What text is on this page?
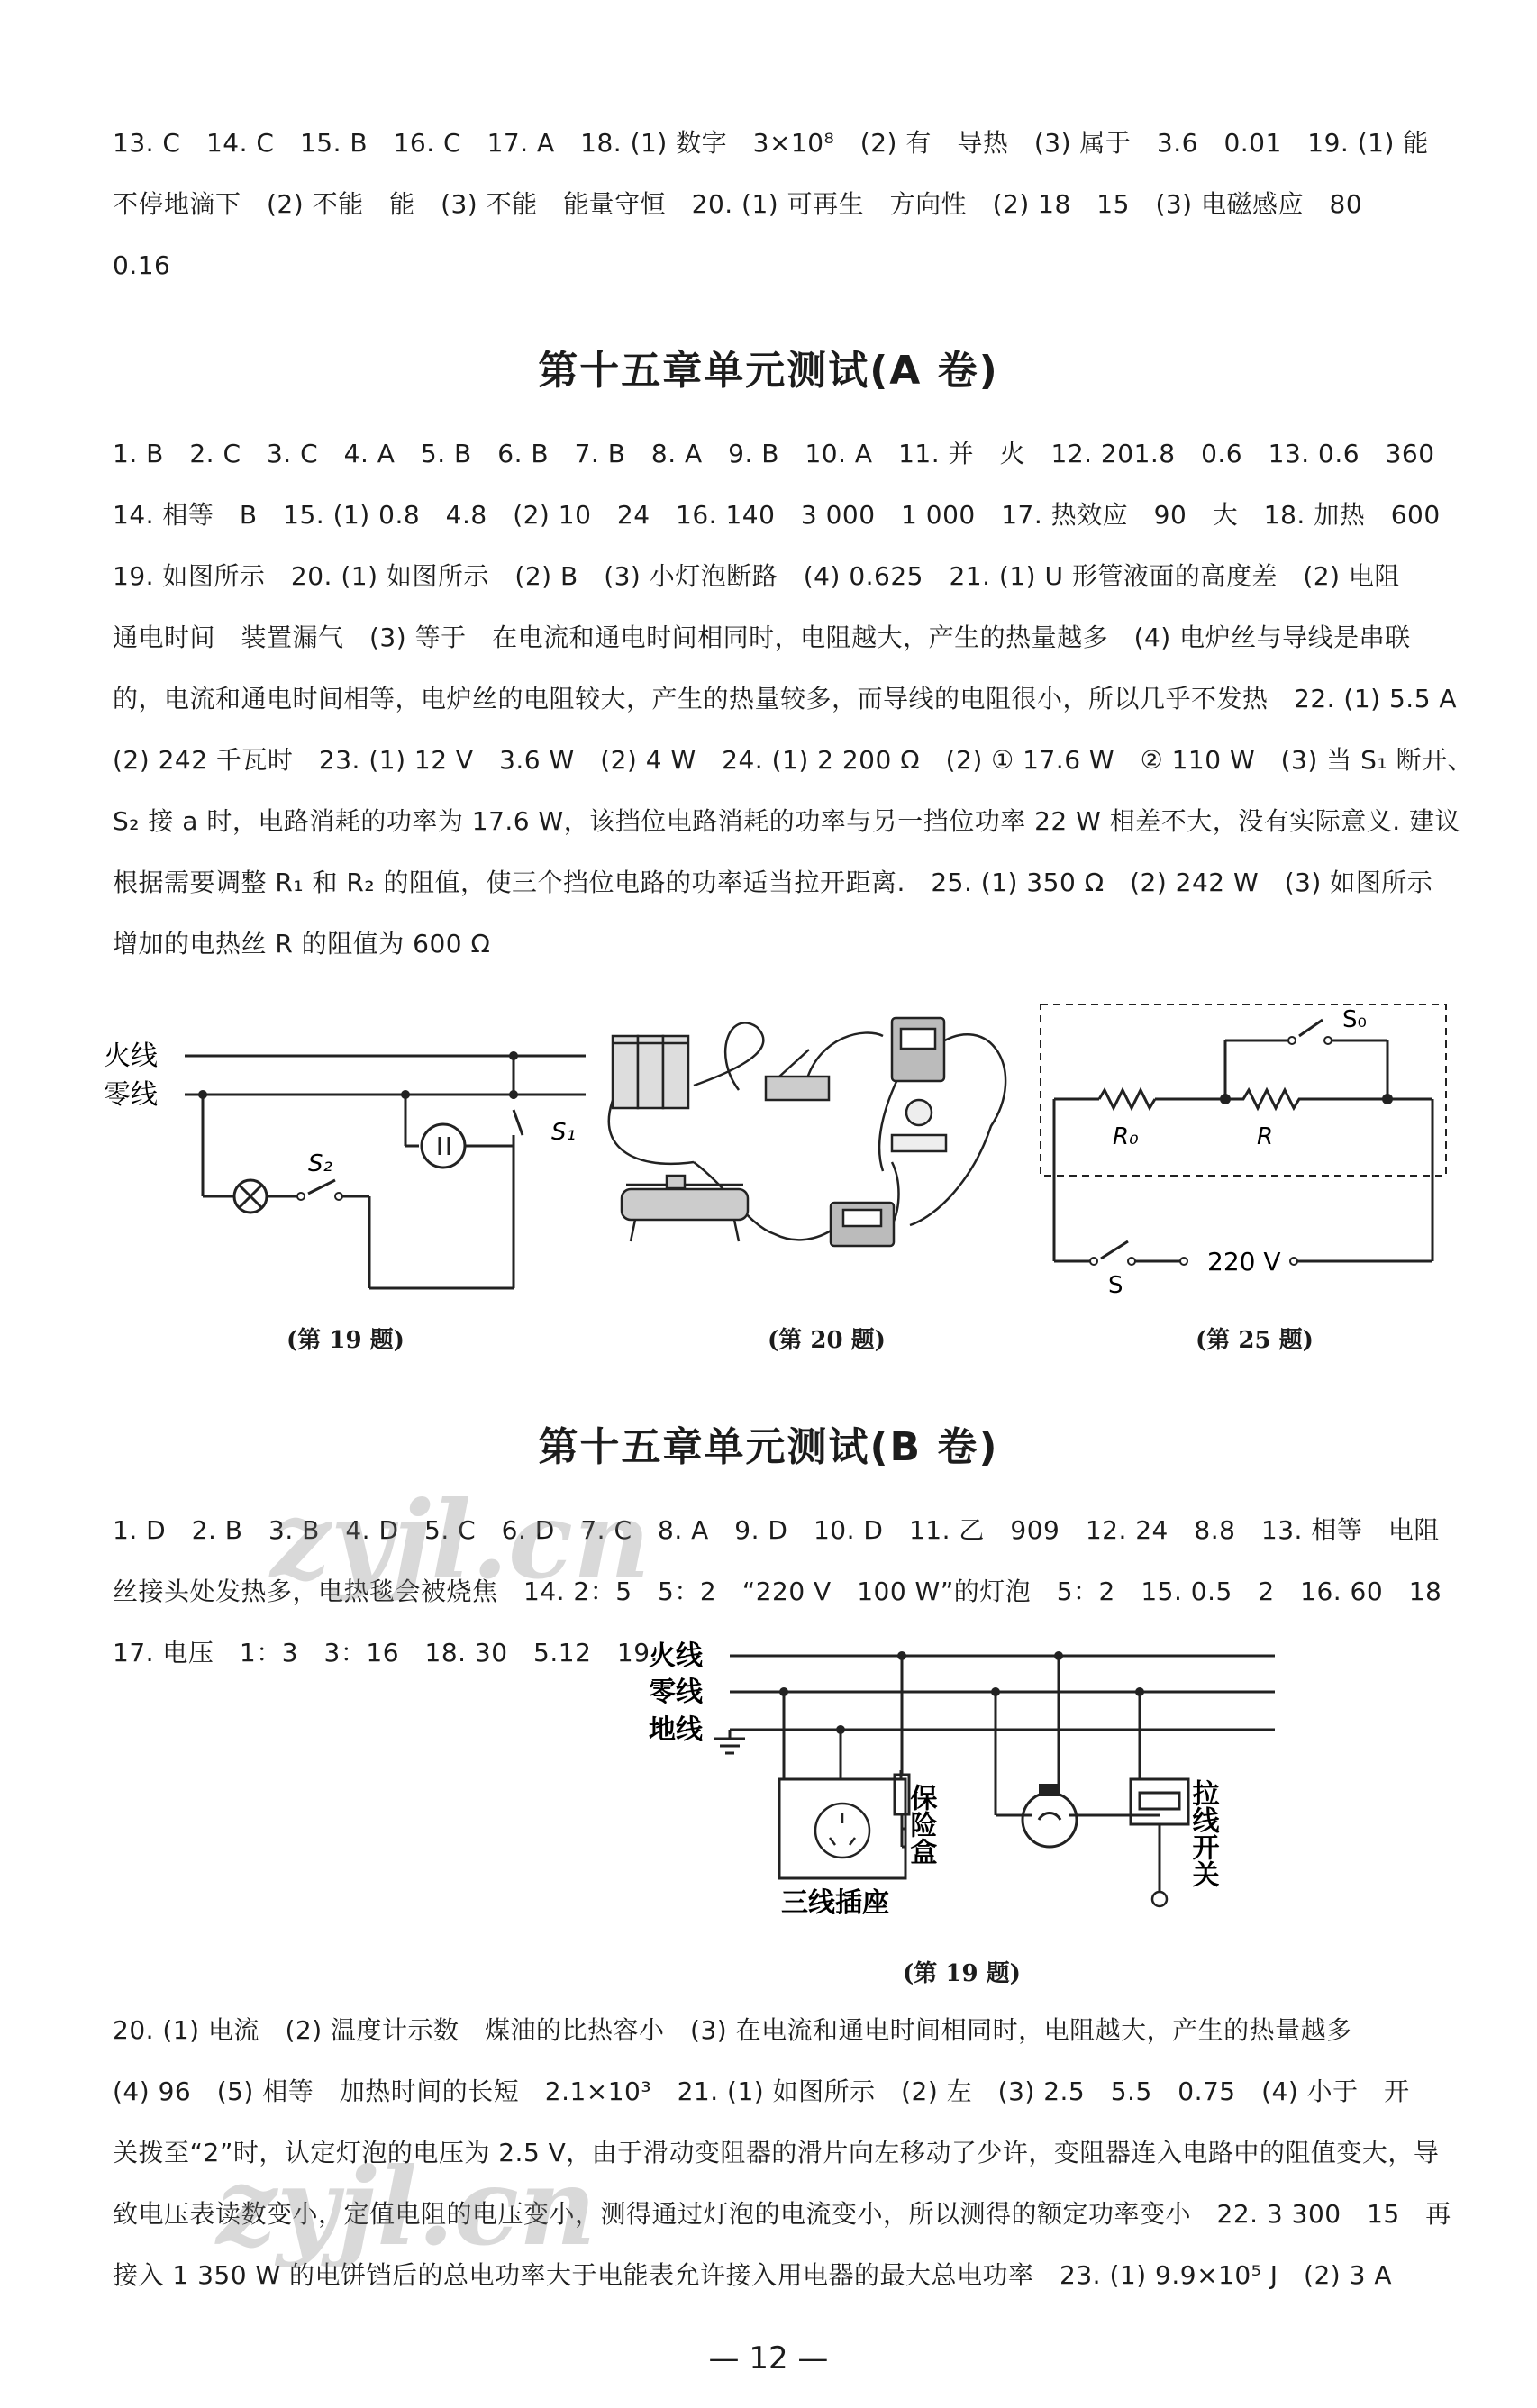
13. C　14. C　15. B　16. C　17. A　18. (1) 数字　3×10⁸　(2) 有　导热　(3) 属于　3.6　0.01　19. (1) 能

不停地滴下　(2) 不能　能　(3) 不能　能量守恒　20. (1) 可再生　方向性　(2) 18　15　(3) 电磁感应　80

0.16

第十五章单元测试(A 卷)

1. B　2. C　3. C　4. A　5. B　6. B　7. B　8. A　9. B　10. A　11. 并　火　12. 201.8　0.6　13. 0.6　360

14. 相等　B　15. (1) 0.8　4.8　(2) 10　24　16. 140　3 000　1 000　17. 热效应　90　大　18. 加热　600

19. 如图所示　20. (1) 如图所示　(2) B　(3) 小灯泡断路　(4) 0.625　21. (1) U 形管液面的高度差　(2) 电阻

通电时间　装置漏气　(3) 等于　在电流和通电时间相同时，电阻越大，产生的热量越多　(4) 电炉丝与导线是串联

的，电流和通电时间相等，电炉丝的电阻较大，产生的热量较多，而导线的电阻很小，所以几乎不发热　22. (1) 5.5 A

(2) 242 千瓦时　23. (1) 12 V　3.6 W　(2) 4 W　24. (1) 2 200 Ω　(2) ① 17.6 W　② 110 W　(3) 当 S₁ 断开、

S₂ 接 a 时，电路消耗的功率为 17.6 W，该挡位电路消耗的功率与另一挡位功率 22 W 相差不大，没有实际意义. 建议

根据需要调整 R₁ 和 R₂ 的阻值，使三个挡位电路的功率适当拉开距离.　25. (1) 350 Ω　(2) 242 W　(3) 如图所示

增加的电热丝 R 的阻值为 600 Ω

火线
零线
S₁
S₂
(第 19 题)	(第 20 题)
S₀
R₀	R
S
220 V
(第 25 题)
第十五章单元测试(B 卷)

1. D　2. B　3. B　4. D　5. C　6. D　7. C　8. A　9. D　10. D　11. 乙　909　12. 24　8.8　13. 相等　电阻

丝接头处发热多，电热毯会被烧焦　14. 2：5　5：2　“220 V　100 W”的灯泡　5：2　15. 0.5　2　16. 60　18

17. 电压　1：3　3：16　18. 30　5.12　19.

火线
零线
地线
保险盒
三线插座
拉线开关
(第 19 题)

20. (1) 电流　(2) 温度计示数　煤油的比热容小　(3) 在电流和通电时间相同时，电阻越大，产生的热量越多

(4) 96　(5) 相等　加热时间的长短　2.1×10³　21. (1) 如图所示　(2) 左　(3) 2.5　5.5　0.75　(4) 小于　开

关拨至“2”时，认定灯泡的电压为 2.5 V，由于滑动变阻器的滑片向左移动了少许，变阻器连入电路中的阻值变大，导

致电压表读数变小，定值电阻的电压变小，测得通过灯泡的电流变小，所以测得的额定功率变小　22. 3 300　15　再

接入 1 350 W 的电饼铛后的总电功率大于电能表允许接入用电器的最大总电功率　23. (1) 9.9×10⁵ J　(2) 3 A

— 12 —
zyjl.cn
zyjl.cn
